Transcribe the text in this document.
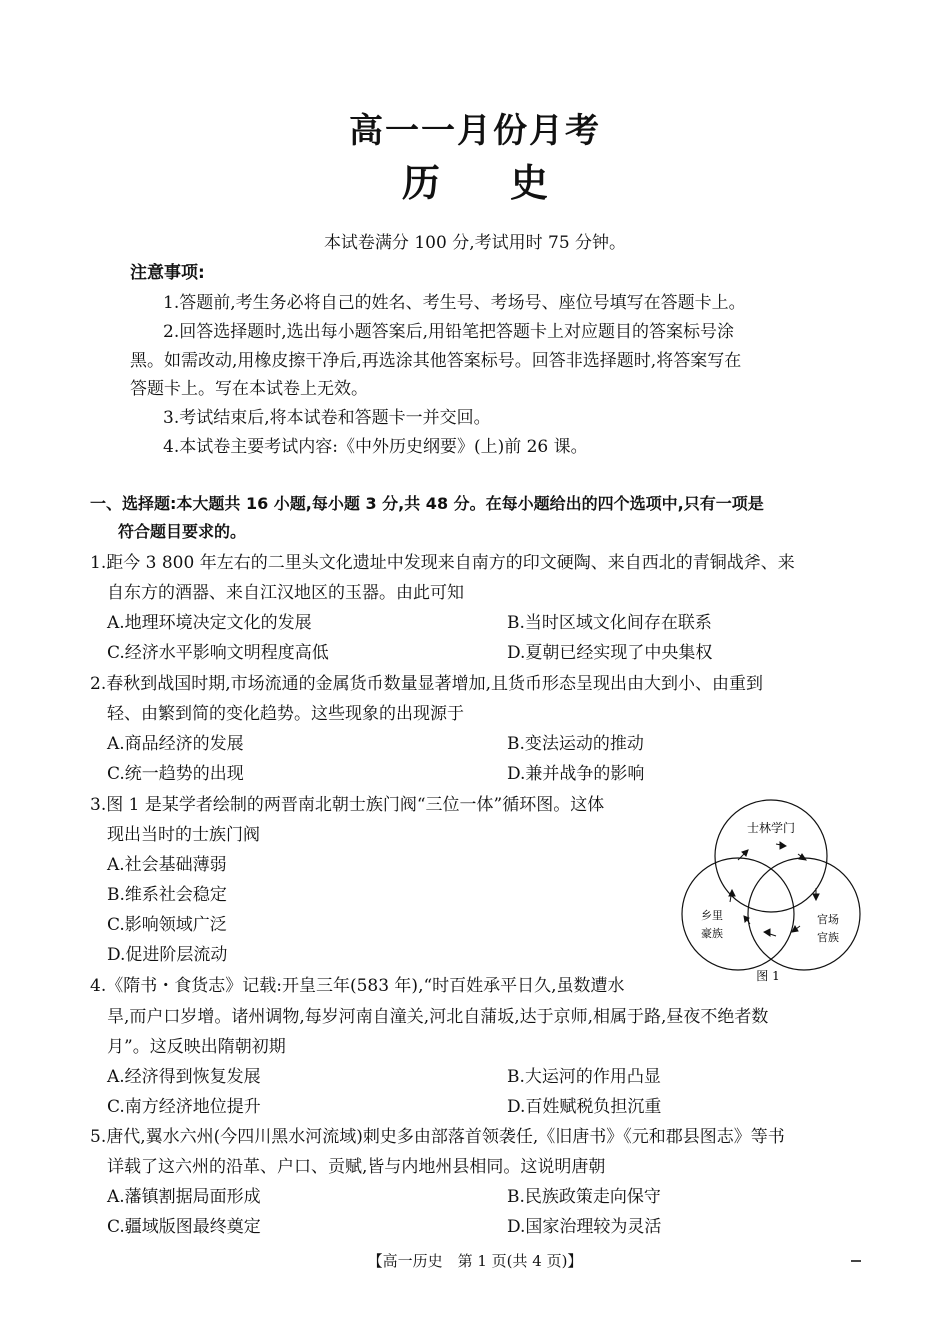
高一一月份月考
历史
本试卷满分 100 分,考试用时 75 分钟。
注意事项:
1.答题前,考生务必将自己的姓名、考生号、考场号、座位号填写在答题卡上。
2.回答选择题时,选出每小题答案后,用铅笔把答题卡上对应题目的答案标号涂
黑。如需改动,用橡皮擦干净后,再选涂其他答案标号。回答非选择题时,将答案写在
答题卡上。写在本试卷上无效。
3.考试结束后,将本试卷和答题卡一并交回。
4.本试卷主要考试内容:《中外历史纲要》(上)前 26 课。
一、选择题:本大题共 16 小题,每小题 3 分,共 48 分。在每小题给出的四个选项中,只有一项是
符合题目要求的。
1.距今 3 800 年左右的二里头文化遗址中发现来自南方的印文硬陶、来自西北的青铜战斧、来
自东方的酒器、来自江汉地区的玉器。由此可知
A.地理环境决定文化的发展	B.当时区域文化间存在联系
C.经济水平影响文明程度高低	D.夏朝已经实现了中央集权
2.春秋到战国时期,市场流通的金属货币数量显著增加,且货币形态呈现出由大到小、由重到
轻、由繁到简的变化趋势。这些现象的出现源于
A.商品经济的发展	B.变法运动的推动
C.统一趋势的出现	D.兼并战争的影响
3.图 1 是某学者绘制的两晋南北朝士族门阀“三位一体”循环图。这体
现出当时的士族门阀
A.社会基础薄弱
B.维系社会稳定
C.影响领域广泛
D.促进阶层流动
士林学门
乡里
豪族
官场
官族
图 1
4.《隋书・食货志》记载:开皇三年(583 年),“时百姓承平日久,虽数遭水
旱,而户口岁增。诸州调物,每岁河南自潼关,河北自蒲坂,达于京师,相属于路,昼夜不绝者数
月”。这反映出隋朝初期
A.经济得到恢复发展	B.大运河的作用凸显
C.南方经济地位提升	D.百姓赋税负担沉重
5.唐代,翼水六州(今四川黑水河流域)刺史多由部落首领袭任,《旧唐书》《元和郡县图志》等书
详载了这六州的沿革、户口、贡赋,皆与内地州县相同。这说明唐朝
A.藩镇割据局面形成	B.民族政策走向保守
C.疆域版图最终奠定	D.国家治理较为灵活
【高一历史　第 1 页(共 4 页)】
